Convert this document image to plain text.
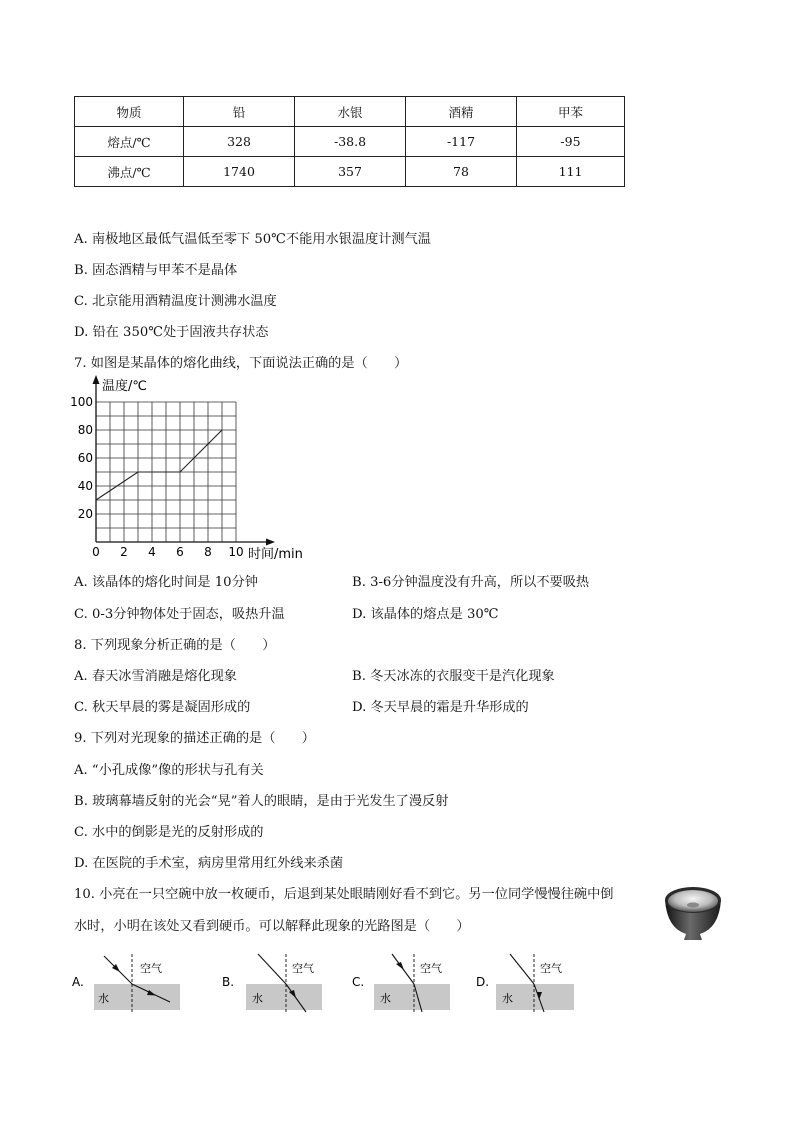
物质	铅	水银	酒精	甲苯
熔点/℃	328	-38.8	-117	-95
沸点/℃	1740	357	78	111
A. 南极地区最低气温低至零下 50℃不能用水银温度计测气温
B. 固态酒精与甲苯不是晶体
C. 北京能用酒精温度计测沸水温度
D. 铅在 350℃处于固液共存状态
7. 如图是某晶体的熔化曲线，下面说法正确的是（　　）
温度/℃
时间/min
0 2 4 6 8 10
20
40
60
80
100
A. 该晶体的熔化时间是 10分钟	B. 3-6分钟温度没有升高，所以不要吸热
C. 0-3分钟物体处于固态，吸热升温	D. 该晶体的熔点是 30℃
8. 下列现象分析正确的是（　　）
A. 春天冰雪消融是熔化现象	B. 冬天冰冻的衣服变干是汽化现象
C. 秋天早晨的雾是凝固形成的	D. 冬天早晨的霜是升华形成的
9. 下列对光现象的描述正确的是（　　）
A. “小孔成像”像的形状与孔有关
B. 玻璃幕墙反射的光会“晃”着人的眼睛，是由于光发生了漫反射
C. 水中的倒影是光的反射形成的
D. 在医院的手术室，病房里常用红外线来杀菌
10. 小亮在一只空碗中放一枚硬币，后退到某处眼睛刚好看不到它。另一位同学慢慢往碗中倒
水时，小明在该处又看到硬币。可以解释此现象的光路图是（　　）
A.
水
空气
B.
水
空气
C.
水
空气
D.
水
空气
